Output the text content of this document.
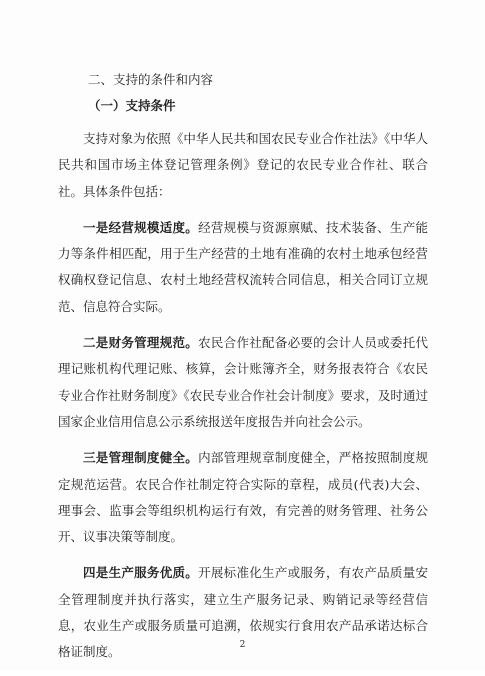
二、支持的条件和内容
（一）支持条件

支持对象为依照《中华人民共和国农民专业合作社法》《中华人民共和国市场主体登记管理条例》登记的农民专业合作社、联合社。具体条件包括：

一是经营规模适度。经营规模与资源禀赋、技术装备、生产能力等条件相匹配，用于生产经营的土地有准确的农村土地承包经营权确权登记信息、农村土地经营权流转合同信息，相关合同订立规范、信息符合实际。

二是财务管理规范。农民合作社配备必要的会计人员或委托代理记账机构代理记账、核算，会计账簿齐全，财务报表符合《农民专业合作社财务制度》《农民专业合作社会计制度》要求，及时通过国家企业信用信息公示系统报送年度报告并向社会公示。

三是管理制度健全。内部管理规章制度健全，严格按照制度规定规范运营。农民合作社制定符合实际的章程，成员(代表)大会、理事会、监事会等组织机构运行有效，有完善的财务管理、社务公开、议事决策等制度。

四是生产服务优质。开展标准化生产或服务，有农产品质量安全管理制度并执行落实，建立生产服务记录、购销记录等经营信息，农业生产或服务质量可追溯，依规实行食用农产品承诺达标合格证制度。	2
